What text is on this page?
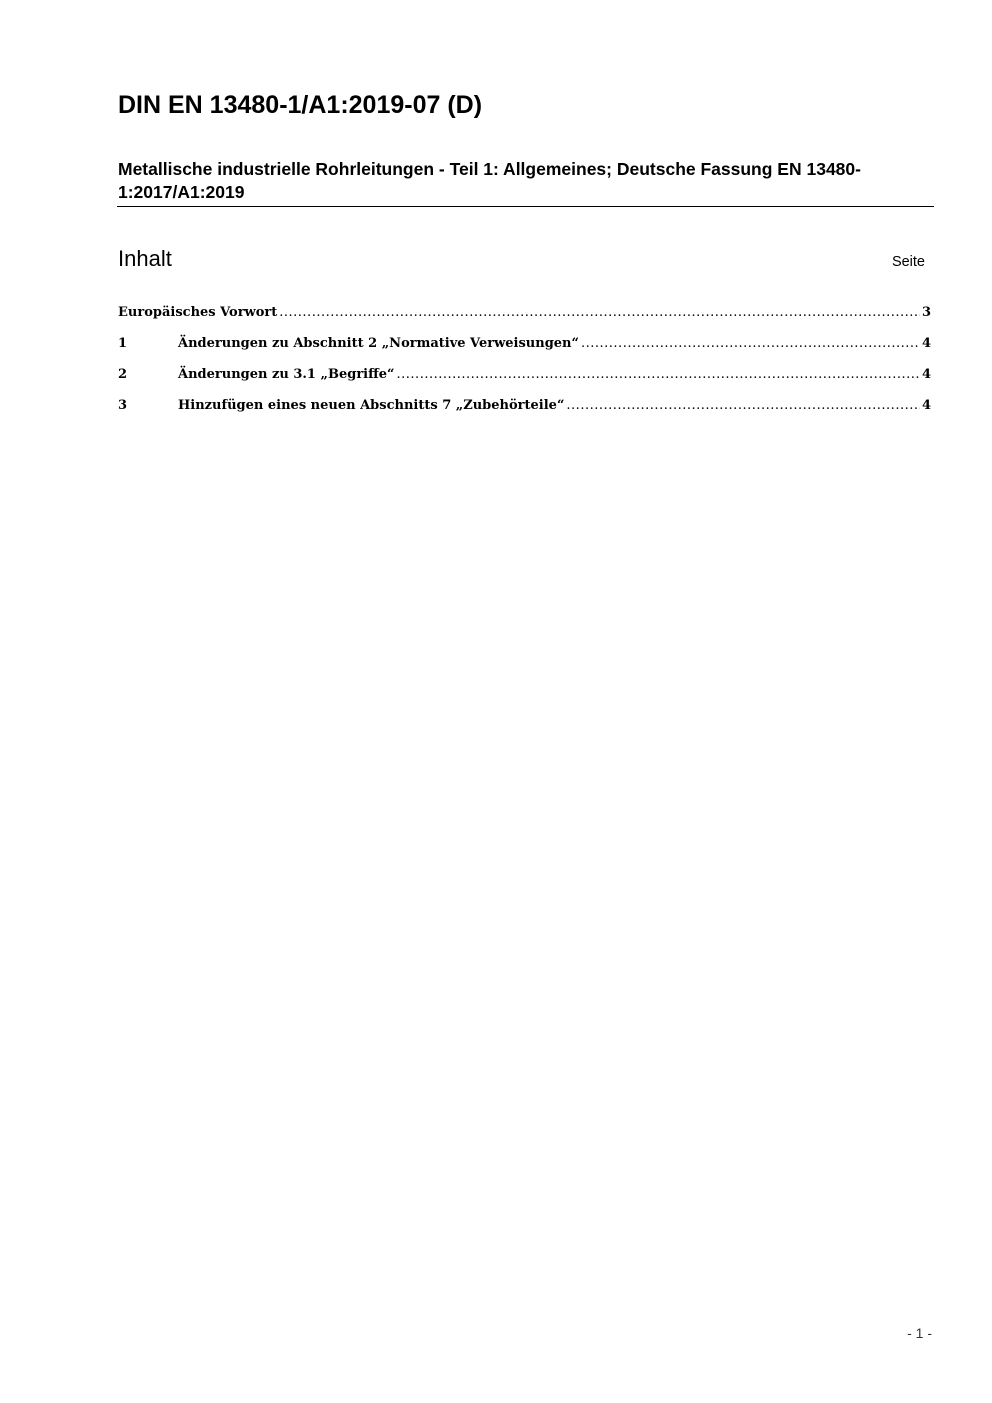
DIN EN 13480-1/A1:2019-07 (D)
Metallische industrielle Rohrleitungen - Teil 1: Allgemeines; Deutsche Fassung EN 13480-1:2017/A1:2019
Inhalt	Seite
Europäisches Vorwort .....	3
1	Änderungen zu Abschnitt 2 „Normative Verweisungen“ .....	4
2	Änderungen zu 3.1 „Begriffe“ .....	4
3	Hinzufügen eines neuen Abschnitts 7 „Zubehörteile“ .....	4
- 1 -
